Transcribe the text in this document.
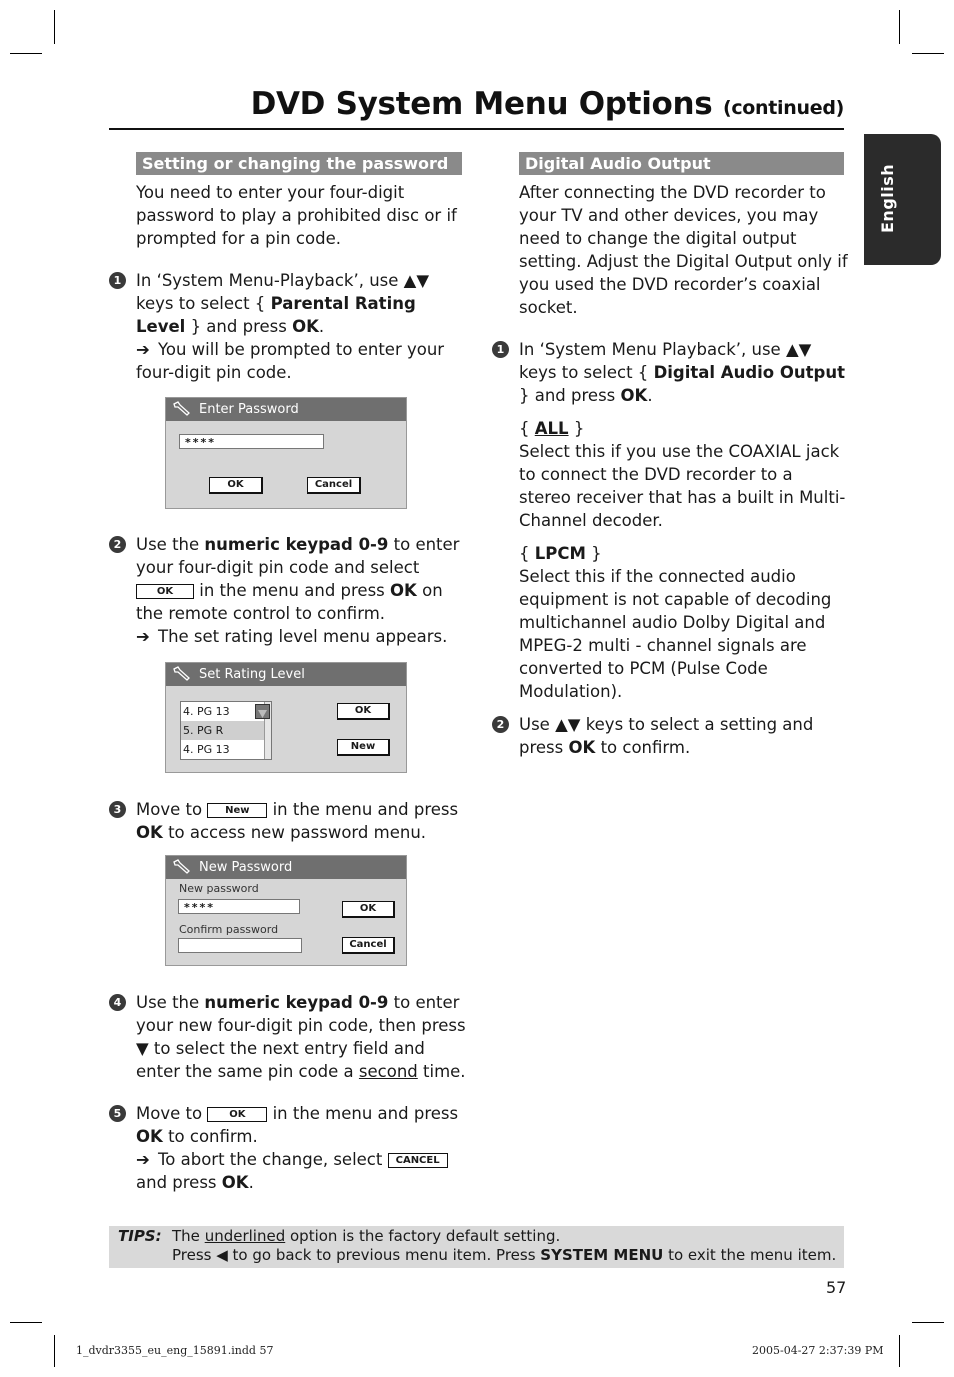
DVD System Menu Options (continued)
English
Setting or changing the password

You need to enter your four-digit password to play a prohibited disc or if prompted for a pin code.

1 In ‘System Menu-Playback’, use ▲▼ keys to select { Parental Rating Level } and press OK.
➔ You will be prompted to enter your four-digit pin code.
Enter Password
****
OK	Cancel
2 Use the numeric keypad 0-9 to enter your four-digit pin code and select OK in the menu and press OK on the remote control to confirm.
➔ The set rating level menu appears.
Set Rating Level
4. PG 13
5. PG R
4. PG 13
OK
New
3 Move to New in the menu and press OK to access new password menu.
New Password
New password
****
Confirm password
OK
Cancel
4 Use the numeric keypad 0-9 to enter your new four-digit pin code, then press ▼ to select the next entry field and enter the same pin code a second time.
5 Move to	OK in the menu and press
OK to confirm.
➔ To abort the change, select CANCEL
and press OK.
Digital Audio Output

After connecting the DVD recorder to your TV and other devices, you may need to change the digital output setting. Adjust the Digital Output only if you used the DVD recorder’s coaxial socket.

1 In ‘System Menu Playback’, use ▲▼ keys to select { Digital Audio Output } and press OK.
{ ALL }
Select this if you use the COAXIAL jack to connect the DVD recorder to a stereo receiver that has a built in Multi-Channel decoder.
{ LPCM }
Select this if the connected audio equipment is not capable of decoding multichannel audio Dolby Digital and MPEG-2 multi - channel signals are converted to PCM (Pulse Code Modulation).
2 Use ▲▼ keys to select a setting and press OK to confirm.
TIPS: The underlined option is the factory default setting.
Press ◀ to go back to previous menu item. Press SYSTEM MENU to exit the menu item.
57
1_dvdr3355_eu_eng_15891.indd 57	2005-04-27 2:37:39 PM
